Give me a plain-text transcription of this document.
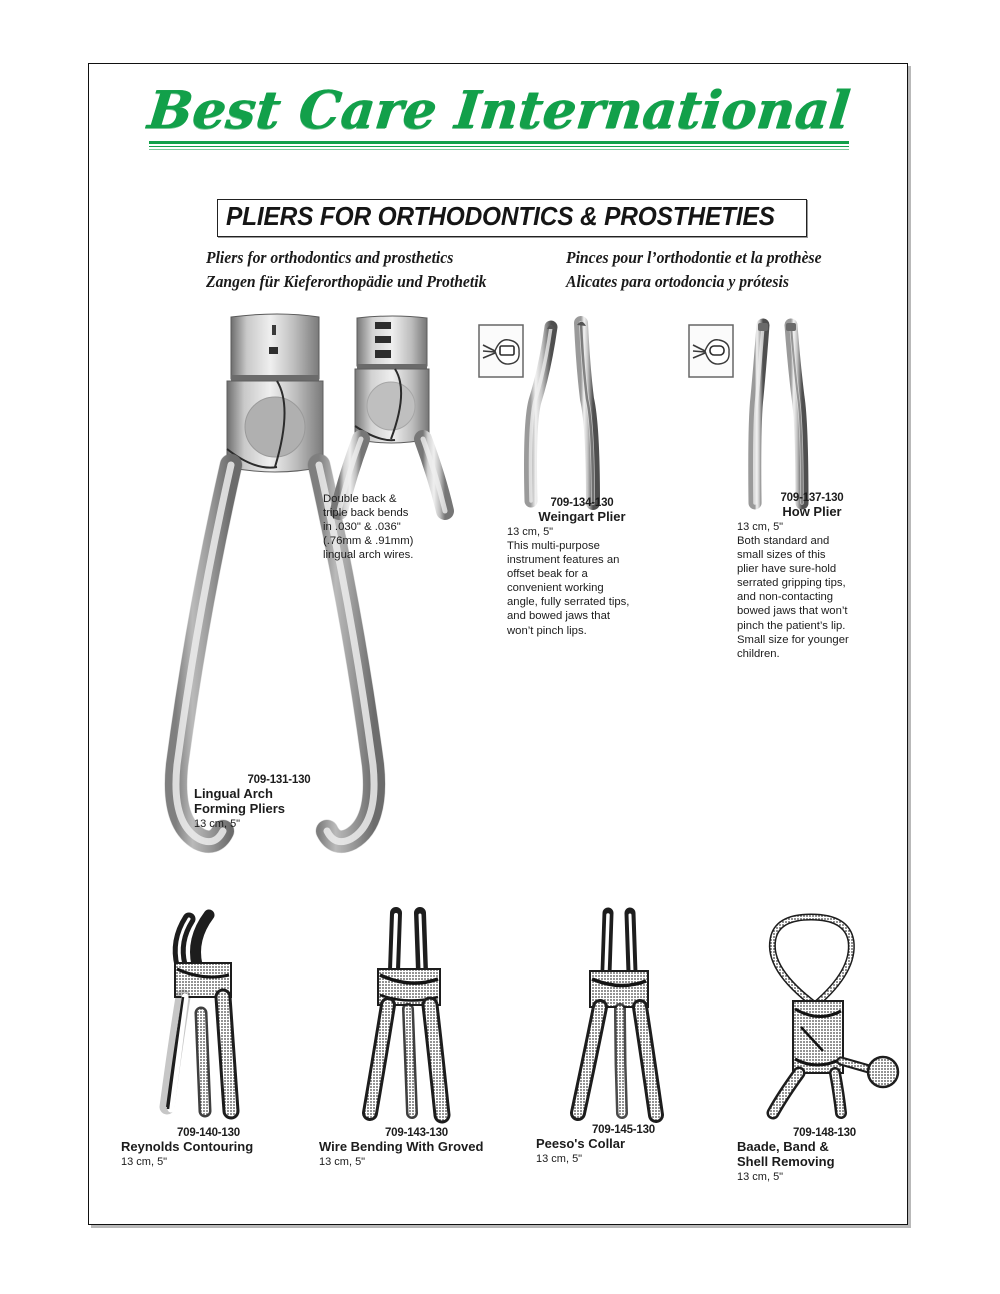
Best Care International
PLIERS FOR ORTHODONTICS & PROSTHETIES

Pliers for orthodontics and prosthetics

Zangen für Kieferorthopädie und Prothetik

Pinces pour l’orthodontie et la prothèse

Alicates para ortodoncia y prótesis

709-131-130
Lingual Arch
Forming Pliers
13 cm, 5"
Double back &
triple back bends
in .030" & .036"
(.76mm & .91mm)
lingual arch wires.
709-134-130
Weingart Plier
13 cm, 5"
This multi-purpose
instrument features an
offset beak for a
convenient working
angle, fully serrated tips,
and bowed jaws that
won’t pinch lips.
709-137-130
How Plier
13 cm, 5"
Both standard and
small sizes of this
plier have sure-hold
serrated gripping tips,
and non-contacting
bowed jaws that won’t
pinch the patient’s lip.
Small size for younger
children.
709-140-130
Reynolds Contouring
13 cm, 5"
709-143-130
Wire Bending With Groved
13 cm, 5"
709-145-130
Peeso's Collar
13 cm, 5"
709-148-130
Baade, Band &
Shell Removing
13 cm, 5"
